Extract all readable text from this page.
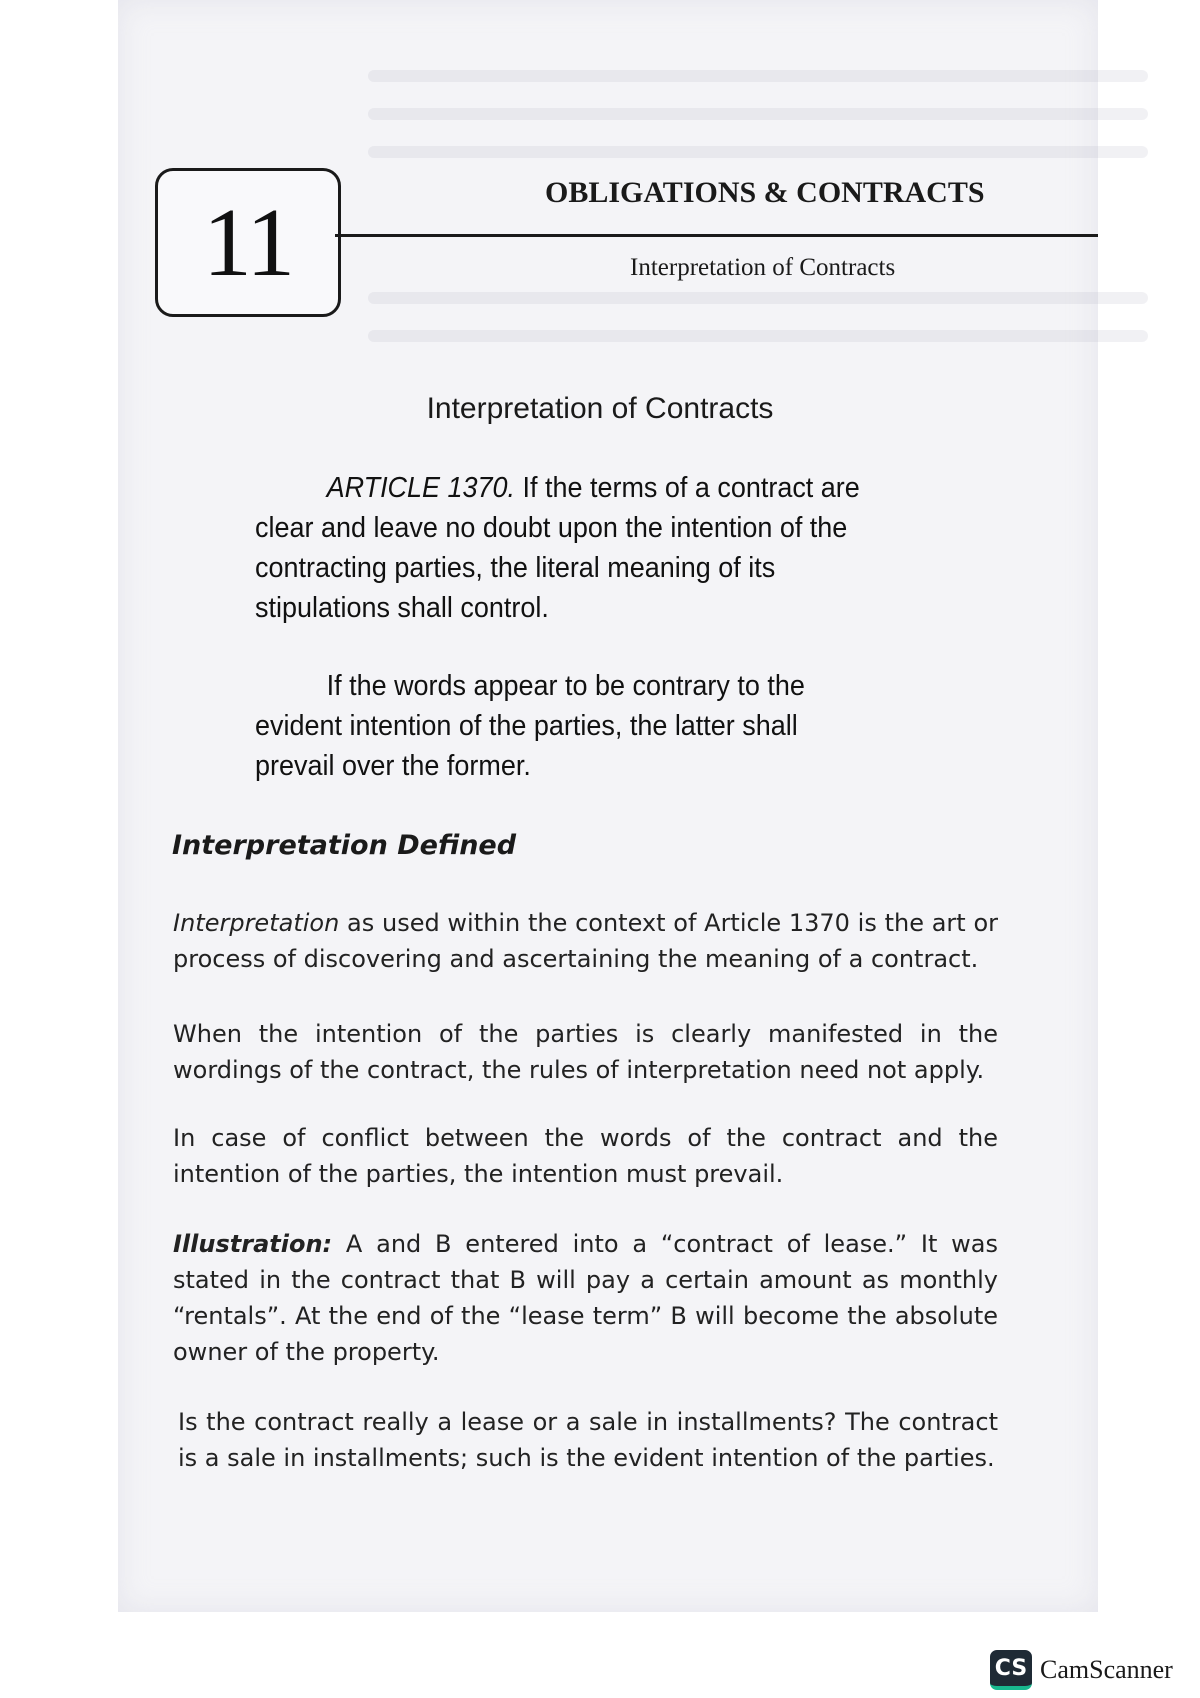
11	OBLIGATIONS & CONTRACTS
Interpretation of Contracts
Interpretation of Contracts

ARTICLE 1370. If the terms of a contract are clear and leave no doubt upon the intention of the contracting parties, the literal meaning of its stipulations shall control.

If the words appear to be contrary to the evident intention of the parties, the latter shall prevail over the former.

Interpretation Defined

Interpretation as used within the context of Article 1370 is the art or process of discovering and ascertaining the meaning of a contract.

When the intention of the parties is clearly manifested in the wordings of the contract, the rules of interpretation need not apply.

In case of conflict between the words of the contract and the intention of the parties, the intention must prevail.

Illustration: A and B entered into a “contract of lease.” It was stated in the contract that B will pay a certain amount as monthly “rentals”. At the end of the “lease term” B will become the absolute owner of the property.

Is the contract really a lease or a sale in installments? The contract is a sale in installments; such is the evident intention of the parties.

CS CamScanner
